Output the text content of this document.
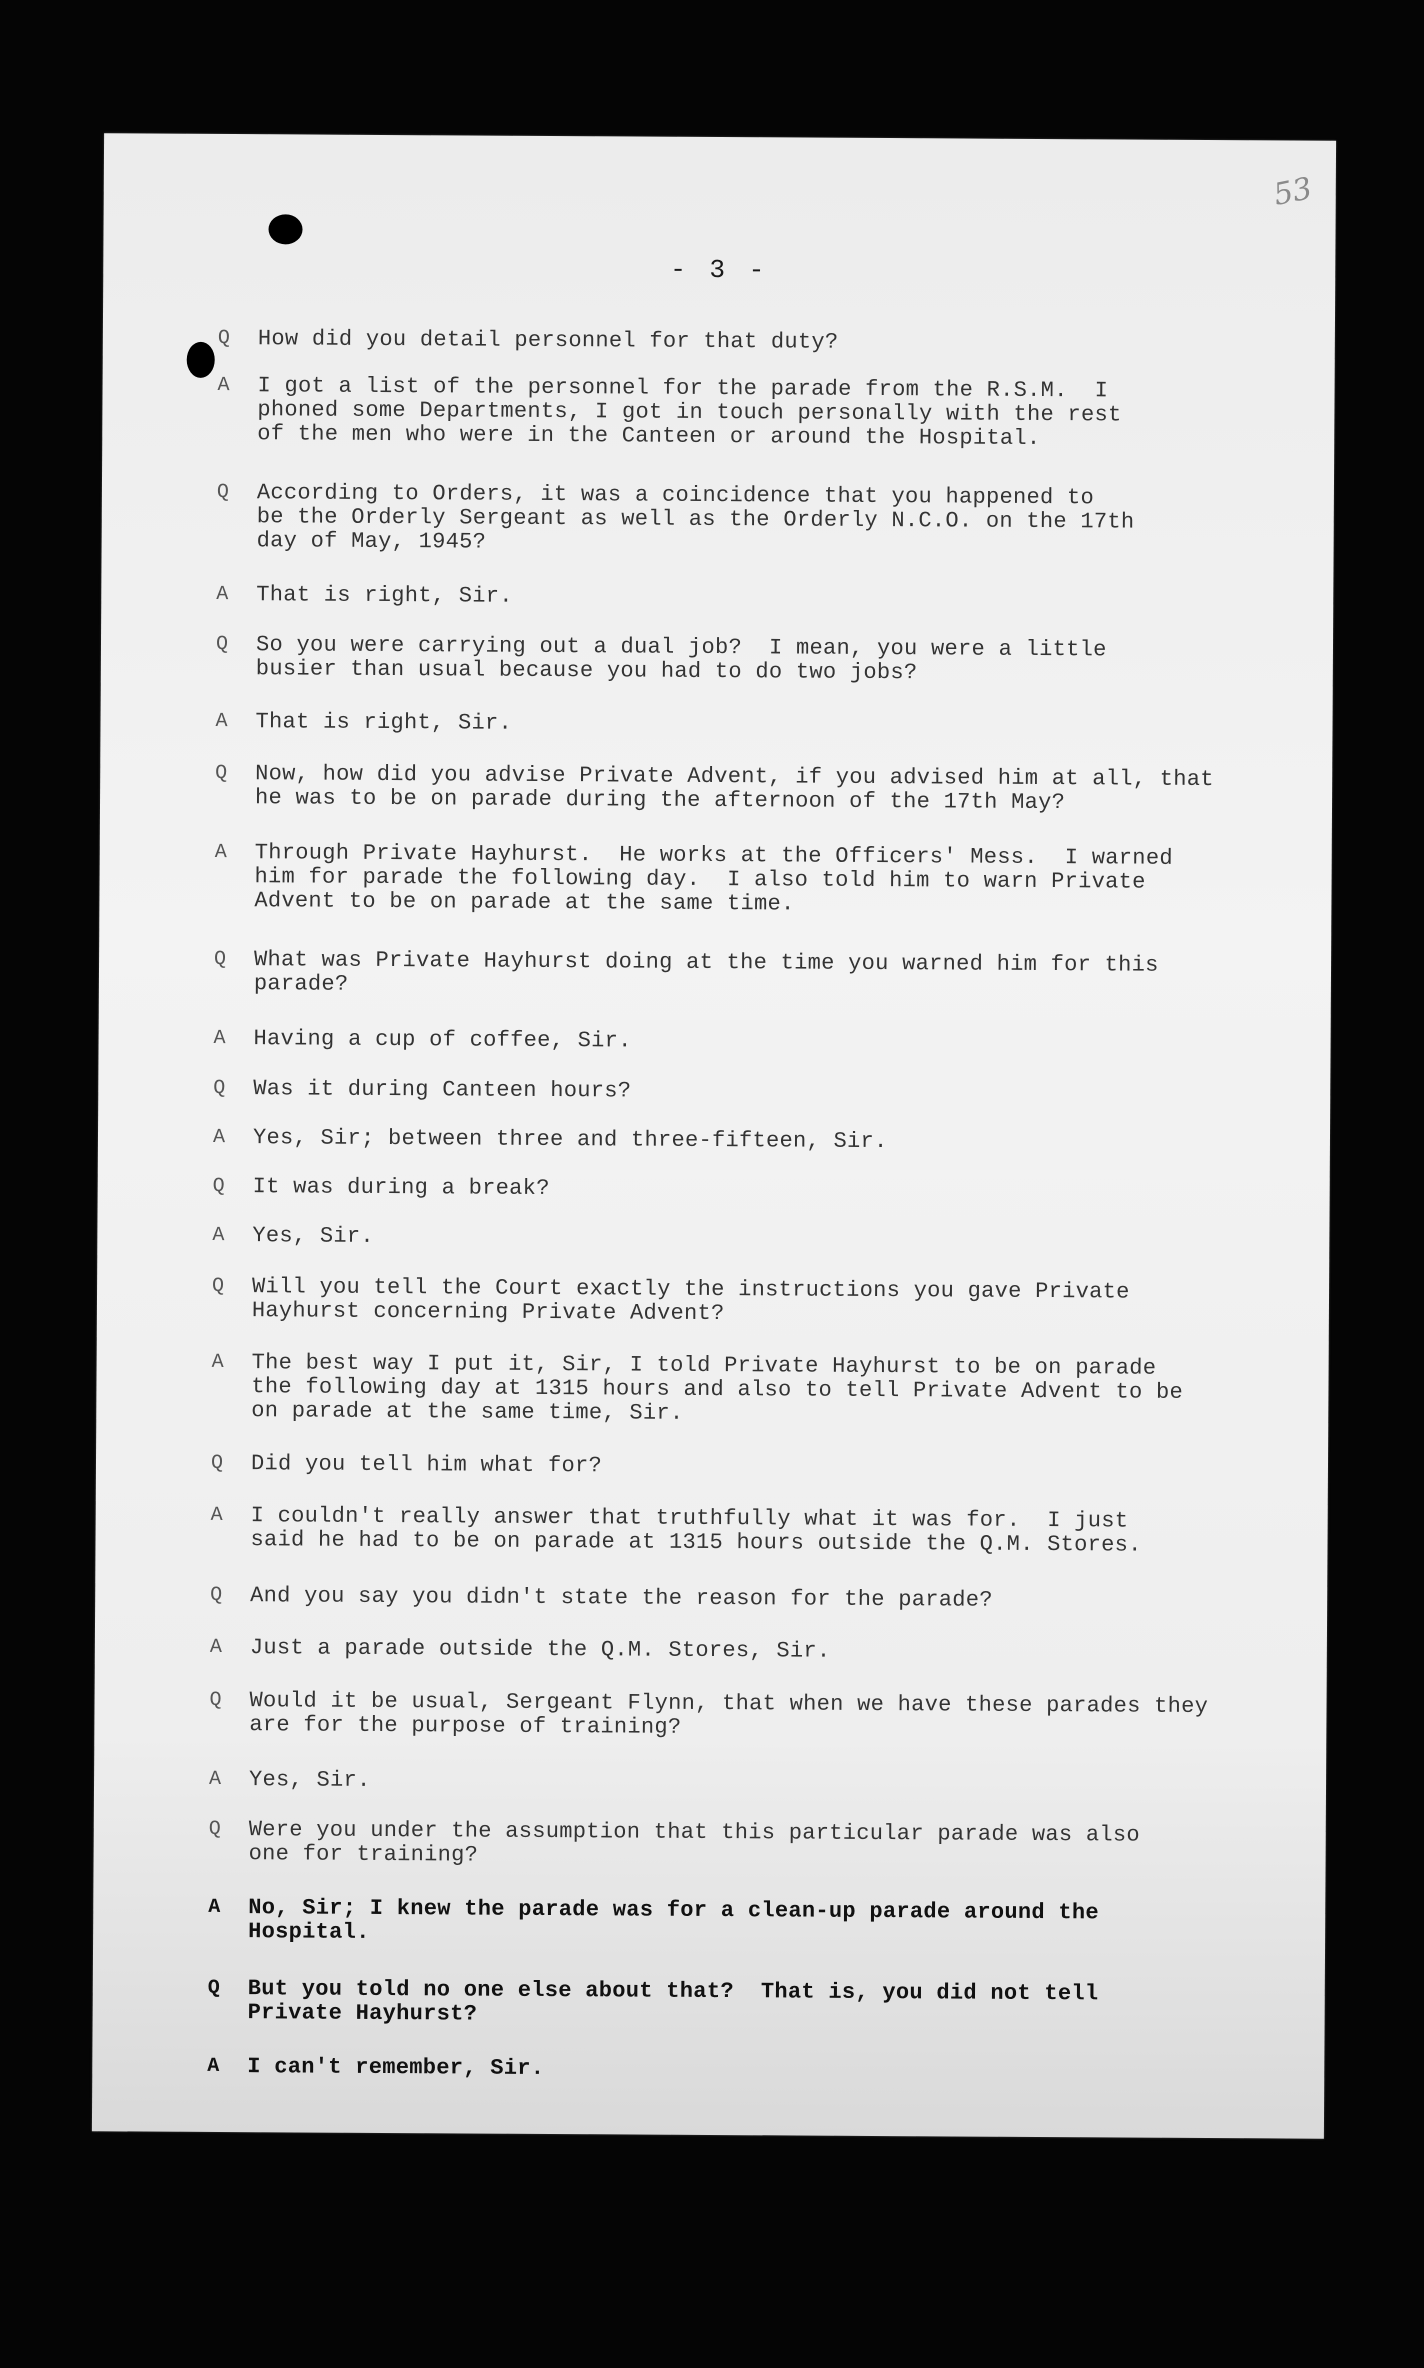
53
- 3 -
Q How did you detail personnel for that duty?
A I got a list of the personnel for the parade from the R.S.M.  I
phoned some Departments, I got in touch personally with the rest
of the men who were in the Canteen or around the Hospital.
Q According to Orders, it was a coincidence that you happened to
be the Orderly Sergeant as well as the Orderly N.C.O. on the 17th
day of May, 1945?
A That is right, Sir.
Q So you were carrying out a dual job?  I mean, you were a little
busier than usual because you had to do two jobs?
A That is right, Sir.
Q Now, how did you advise Private Advent, if you advised him at all, that
he was to be on parade during the afternoon of the 17th May?
A Through Private Hayhurst.  He works at the Officers' Mess.  I warned
him for parade the following day.  I also told him to warn Private
Advent to be on parade at the same time.
Q What was Private Hayhurst doing at the time you warned him for this
parade?
A Having a cup of coffee, Sir.
Q Was it during Canteen hours?
A Yes, Sir; between three and three-fifteen, Sir.
Q It was during a break?
A Yes, Sir.
Q Will you tell the Court exactly the instructions you gave Private
Hayhurst concerning Private Advent?
A The best way I put it, Sir, I told Private Hayhurst to be on parade
the following day at 1315 hours and also to tell Private Advent to be
on parade at the same time, Sir.
Q Did you tell him what for?
A I couldn't really answer that truthfully what it was for.  I just
said he had to be on parade at 1315 hours outside the Q.M. Stores.
Q And you say you didn't state the reason for the parade?
A Just a parade outside the Q.M. Stores, Sir.
Q Would it be usual, Sergeant Flynn, that when we have these parades they
are for the purpose of training?
A Yes, Sir.
Q Were you under the assumption that this particular parade was also
one for training?
A No, Sir; I knew the parade was for a clean-up parade around the
Hospital.
Q But you told no one else about that?  That is, you did not tell
Private Hayhurst?
A I can't remember, Sir.
